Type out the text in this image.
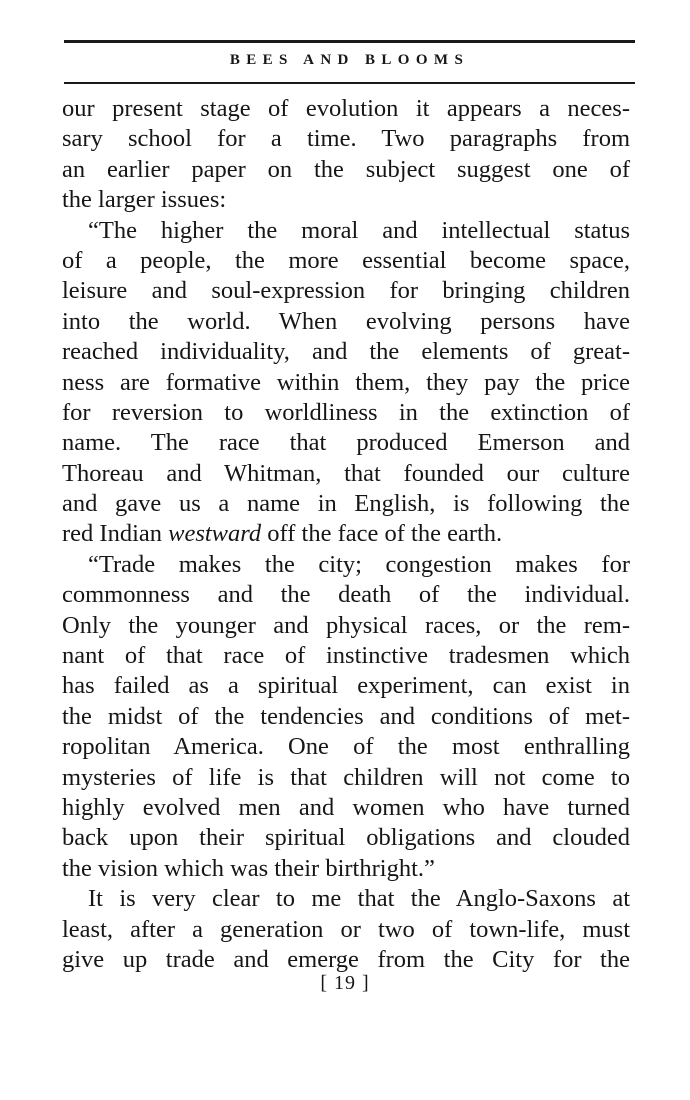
BEES AND BLOOMS
our present stage of evolution it appears a neces-
sary school for a time. Two paragraphs from
an earlier paper on the subject suggest one of
the larger issues:
“The higher the moral and intellectual status
of a people, the more essential become space,
leisure and soul-expression for bringing children
into the world. When evolving persons have
reached individuality, and the elements of great-
ness are formative within them, they pay the price
for reversion to worldliness in the extinction of
name. The race that produced Emerson and
Thoreau and Whitman, that founded our culture
and gave us a name in English, is following the
red Indian westward off the face of the earth.
“Trade makes the city; congestion makes for
commonness and the death of the individual.
Only the younger and physical races, or the rem-
nant of that race of instinctive tradesmen which
has failed as a spiritual experiment, can exist in
the midst of the tendencies and conditions of met-
ropolitan America. One of the most enthralling
mysteries of life is that children will not come to
highly evolved men and women who have turned
back upon their spiritual obligations and clouded
the vision which was their birthright.”
It is very clear to me that the Anglo-Saxons at
least, after a generation or two of town-life, must
give up trade and emerge from the City for the
[ 19 ]
